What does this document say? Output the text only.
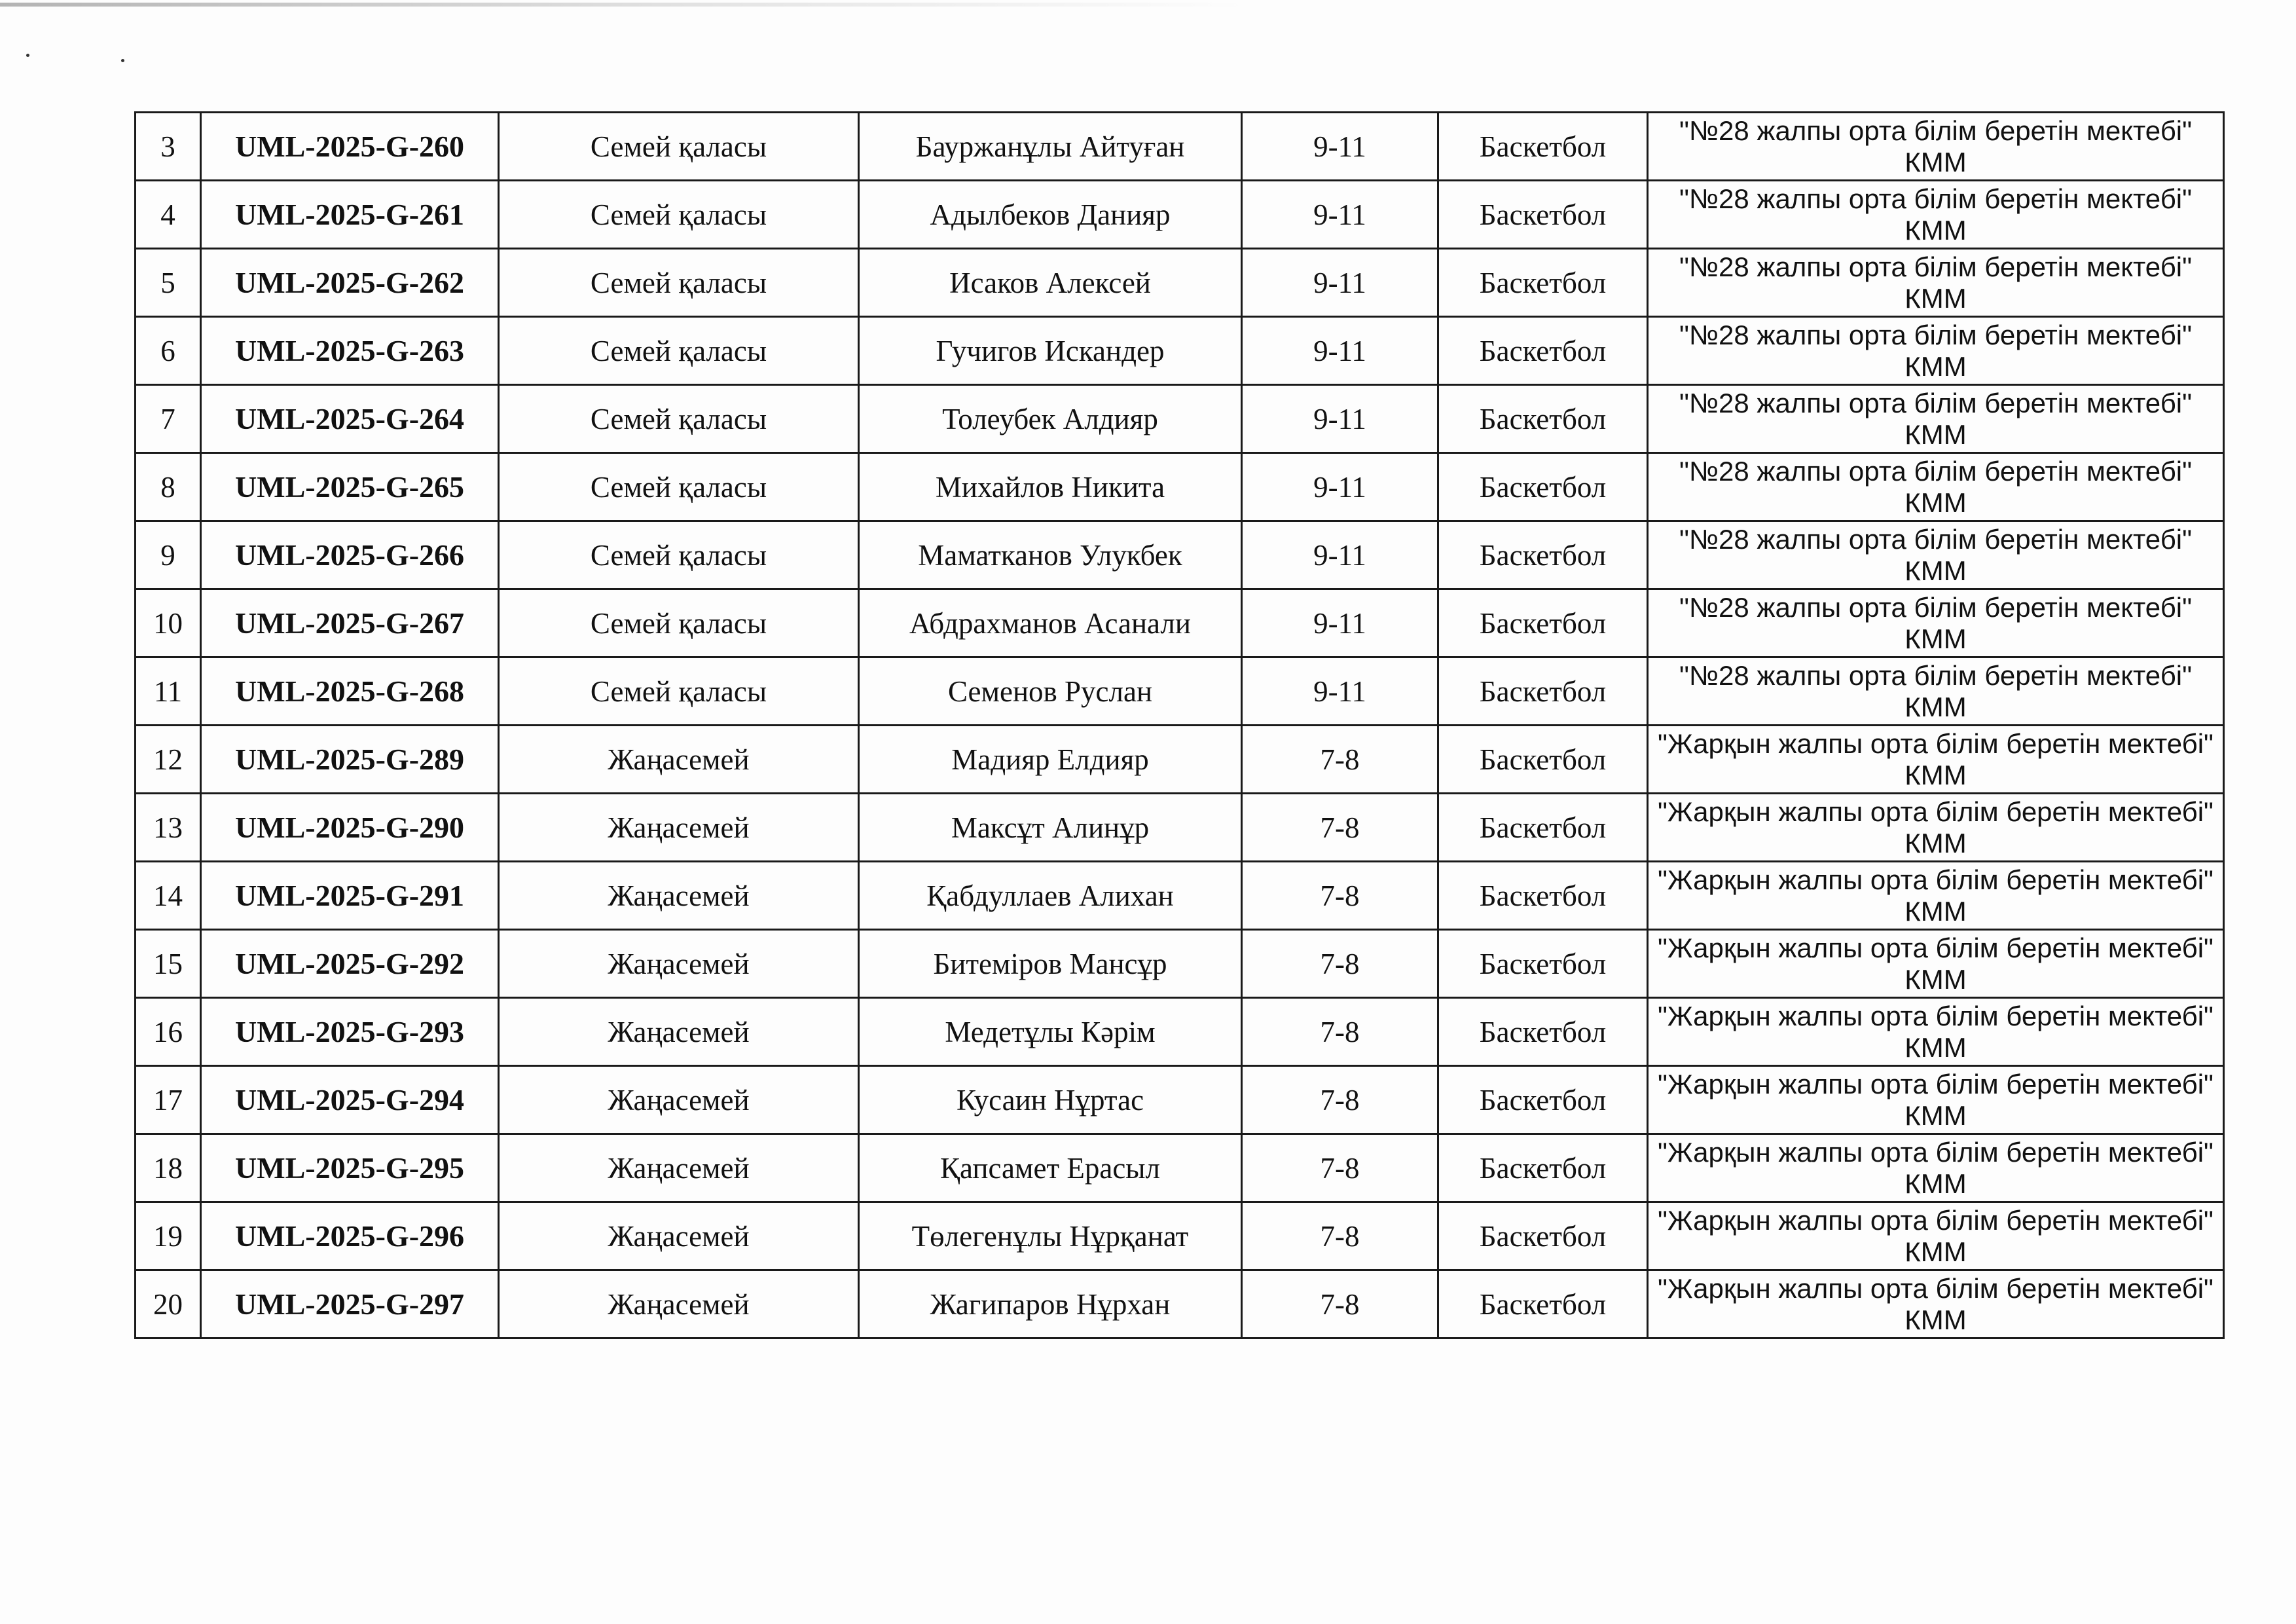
3	UML-2025-G-260	Семей қаласы	Бауржанұлы Айтуған	9-11	Баскетбол	"№28 жалпы орта білім беретін мектебі" КММ
4	UML-2025-G-261	Семей қаласы	Адылбеков Данияр	9-11	Баскетбол	"№28 жалпы орта білім беретін мектебі" КММ
5	UML-2025-G-262	Семей қаласы	Исаков Алексей	9-11	Баскетбол	"№28 жалпы орта білім беретін мектебі" КММ
6	UML-2025-G-263	Семей қаласы	Гучигов Искандер	9-11	Баскетбол	"№28 жалпы орта білім беретін мектебі" КММ
7	UML-2025-G-264	Семей қаласы	Толеубек Алдияр	9-11	Баскетбол	"№28 жалпы орта білім беретін мектебі" КММ
8	UML-2025-G-265	Семей қаласы	Михайлов Никита	9-11	Баскетбол	"№28 жалпы орта білім беретін мектебі" КММ
9	UML-2025-G-266	Семей қаласы	Маматканов Улукбек	9-11	Баскетбол	"№28 жалпы орта білім беретін мектебі" КММ
10	UML-2025-G-267	Семей қаласы	Абдрахманов Асанали	9-11	Баскетбол	"№28 жалпы орта білім беретін мектебі" КММ
11	UML-2025-G-268	Семей қаласы	Семенов Руслан	9-11	Баскетбол	"№28 жалпы орта білім беретін мектебі" КММ
12	UML-2025-G-289	Жаңасемей	Мадияр Елдияр	7-8	Баскетбол	"Жарқын жалпы орта білім беретін мектебі" КММ
13	UML-2025-G-290	Жаңасемей	Максұт Алинұр	7-8	Баскетбол	"Жарқын жалпы орта білім беретін мектебі" КММ
14	UML-2025-G-291	Жаңасемей	Қабдуллаев Алихан	7-8	Баскетбол	"Жарқын жалпы орта білім беретін мектебі" КММ
15	UML-2025-G-292	Жаңасемей	Битеміров Мансұр	7-8	Баскетбол	"Жарқын жалпы орта білім беретін мектебі" КММ
16	UML-2025-G-293	Жаңасемей	Медетұлы Кәрім	7-8	Баскетбол	"Жарқын жалпы орта білім беретін мектебі" КММ
17	UML-2025-G-294	Жаңасемей	Кусаин Нұртас	7-8	Баскетбол	"Жарқын жалпы орта білім беретін мектебі" КММ
18	UML-2025-G-295	Жаңасемей	Қапсамет Ерасыл	7-8	Баскетбол	"Жарқын жалпы орта білім беретін мектебі" КММ
19	UML-2025-G-296	Жаңасемей	Төлегенұлы Нұрқанат	7-8	Баскетбол	"Жарқын жалпы орта білім беретін мектебі" КММ
20	UML-2025-G-297	Жаңасемей	Жагипаров Нұрхан	7-8	Баскетбол	"Жарқын жалпы орта білім беретін мектебі" КММ
